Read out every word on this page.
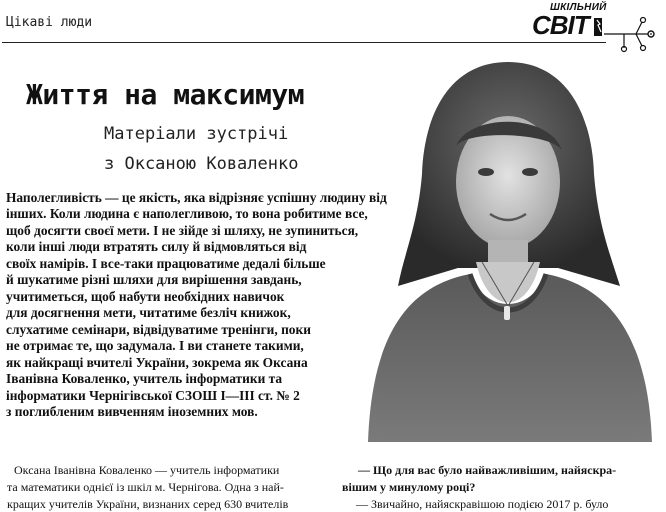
Цікаві люди
ШКІЛЬНИЙ
СВІТ
Життя на максимум

Матеріали зустрічі

з Оксаною Коваленко

Наполегливість — це якість, яка відрізняє успішну людину від
інших. Коли людина є наполегливою, то вона робитиме все,
щоб досягти своєї мети. І не зійде зі шляху, не зупиниться,
коли інші люди втратять силу й відмовляться від
своїх намірів. І все-таки працюватиме дедалі більше
й шукатиме різні шляхи для вирішення завдань,
учитиметься, щоб набути необхідних навичок
для досягнення мети, читатиме безліч книжок,
слухатиме семінари, відвідуватиме тренінги, поки
не отримає те, що задумала. І ви станете такими,
як найкращі вчителі України, зокрема як Оксана
Іванівна Коваленко, учитель інформатики та
інформатики Чернігівської СЗОШ І—ІІІ ст. № 2
з поглибленим вивченням іноземних мов.
Оксана Іванівна Коваленко — учитель інформатики
та математики однієї із шкіл м. Чернігова. Одна з най-
кращих учителів України, визнаних серед 630 вчителів
— Що для вас було найважливішим, найяскра-
вішим у минулому році?
— Звичайно, найяскравішою подією 2017 р. було
